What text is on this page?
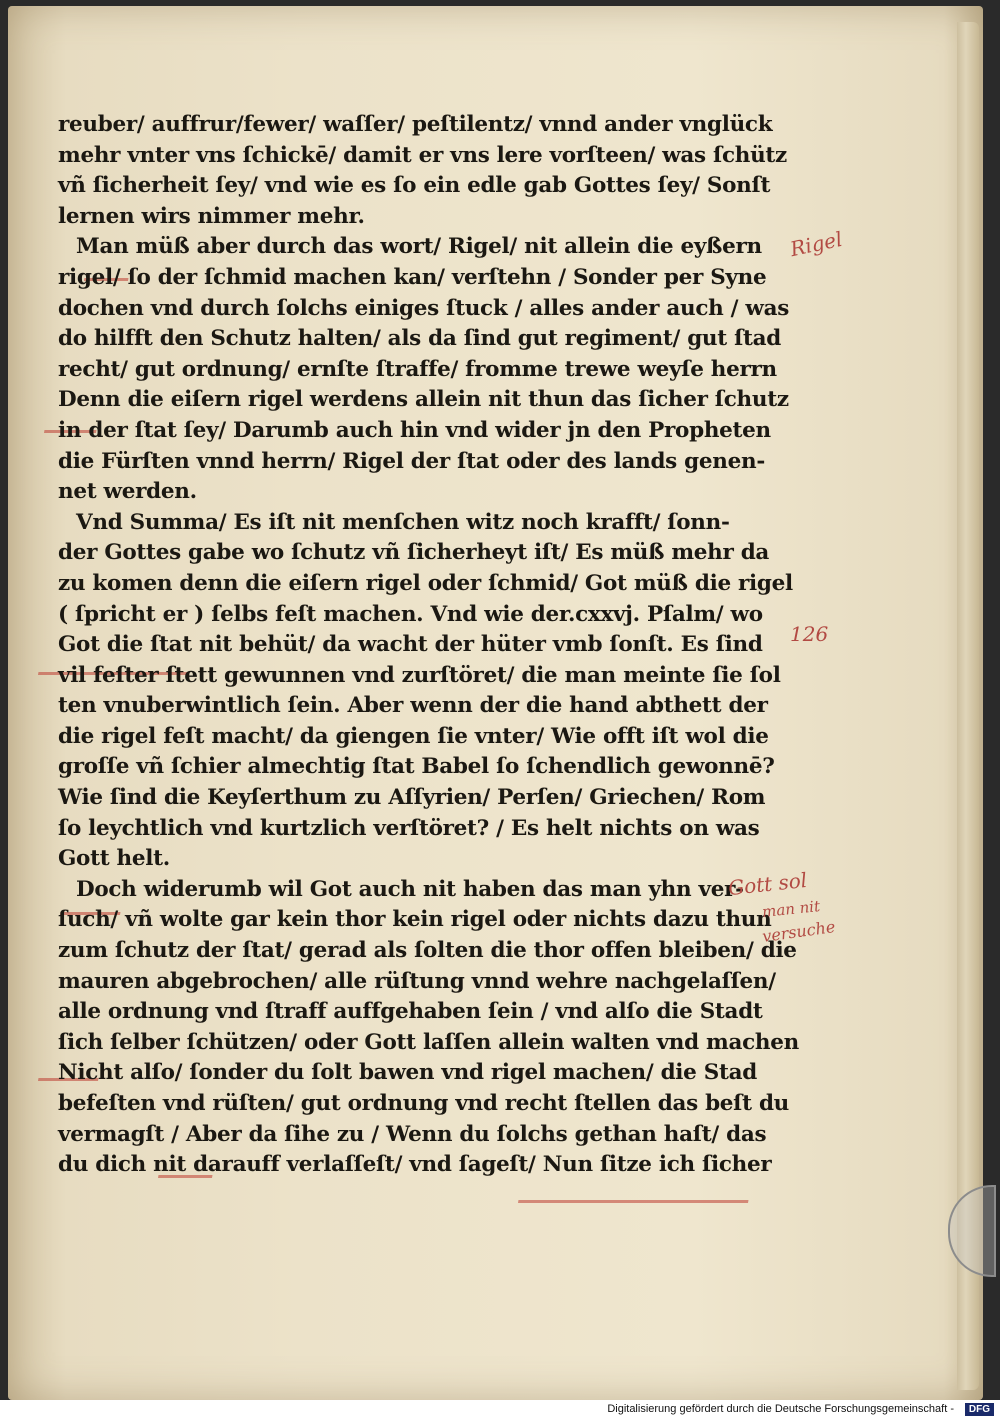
reuber/ auffrur/fewer/ waſſer/ peſtilentz/ vnnd ander vnglück
mehr vnter vns ſchickē/ damit er vns lere vorſteen/ was ſchütz
vñ ſicherheit ſey/ vnd wie es ſo ein edle gab Gottes ſey/ Sonſt
lernen wirs nimmer mehr.
Man müß aber durch das wort/ Rigel/ nit allein die eyßern
rigel/ ſo der ſchmid machen kan/ verſtehn / Sonder per Syne
dochen vnd durch ſolchs einiges ſtuck / alles ander auch / was
do hilfft den Schutz halten/ als da ſind gut regiment/ gut ſtad
recht/ gut ordnung/ ernſte ſtraffe/ fromme trewe weyſe herrn
Denn die eiſern rigel werdens allein nit thun das ſicher ſchutz
in der ſtat ſey/ Darumb auch hin vnd wider jn den Propheten
die Fürſten vnnd herrn/ Rigel der ſtat oder des lands genen-
net werden.
Vnd Summa/ Es iſt nit menſchen witz noch krafft/ ſonn-
der Gottes gabe wo ſchutz vñ ſicherheyt iſt/ Es müß mehr da
zu komen denn die eiſern rigel oder ſchmid/ Got müß die rigel
( ſpricht er ) ſelbs feſt machen. Vnd wie der.cxxvj. Pſalm/ wo
Got die ſtat nit behüt/ da wacht der hüter vmb ſonſt. Es ſind
vil feſter ſtett gewunnen vnd zurſtöret/ die man meinte ſie ſol
ten vnuberwintlich ſein. Aber wenn der die hand abthett der
die rigel feſt macht/ da giengen ſie vnter/ Wie offt iſt wol die
groſſe vñ ſchier almechtig ſtat Babel ſo ſchendlich gewonnē?
Wie ſind die Keyſerthum zu Aſſyrien/ Perſen/ Griechen/ Rom
ſo leychtlich vnd kurtzlich verſtöret? / Es helt nichts on was
Gott helt.
Doch widerumb wil Got auch nit haben das man yhn ver-
ſuch/ vñ wolte gar kein thor kein rigel oder nichts dazu thun
zum ſchutz der ſtat/ gerad als ſolten die thor offen bleiben/ die
mauren abgebrochen/ alle rüſtung vnnd wehre nachgelaſſen/
alle ordnung vnd ſtraff auffgehaben ſein / vnd alſo die Stadt
ſich ſelber ſchützen/ oder Gott laſſen allein walten vnd machen
Nicht alſo/ ſonder du ſolt bawen vnd rigel machen/ die Stad
befeſten vnd rüſten/ gut ordnung vnd recht ſtellen das beſt du
vermagſt / Aber da ſihe zu / Wenn du ſolchs gethan haſt/ das
du dich nit darauff verlaſſeſt/ vnd ſageſt/ Nun ſitze ich ſicher
Rigel
126
Gott sol
man nit
versuche
Digitalisierung gefördert durch die Deutsche Forschungsgemeinschaft -	DFG
